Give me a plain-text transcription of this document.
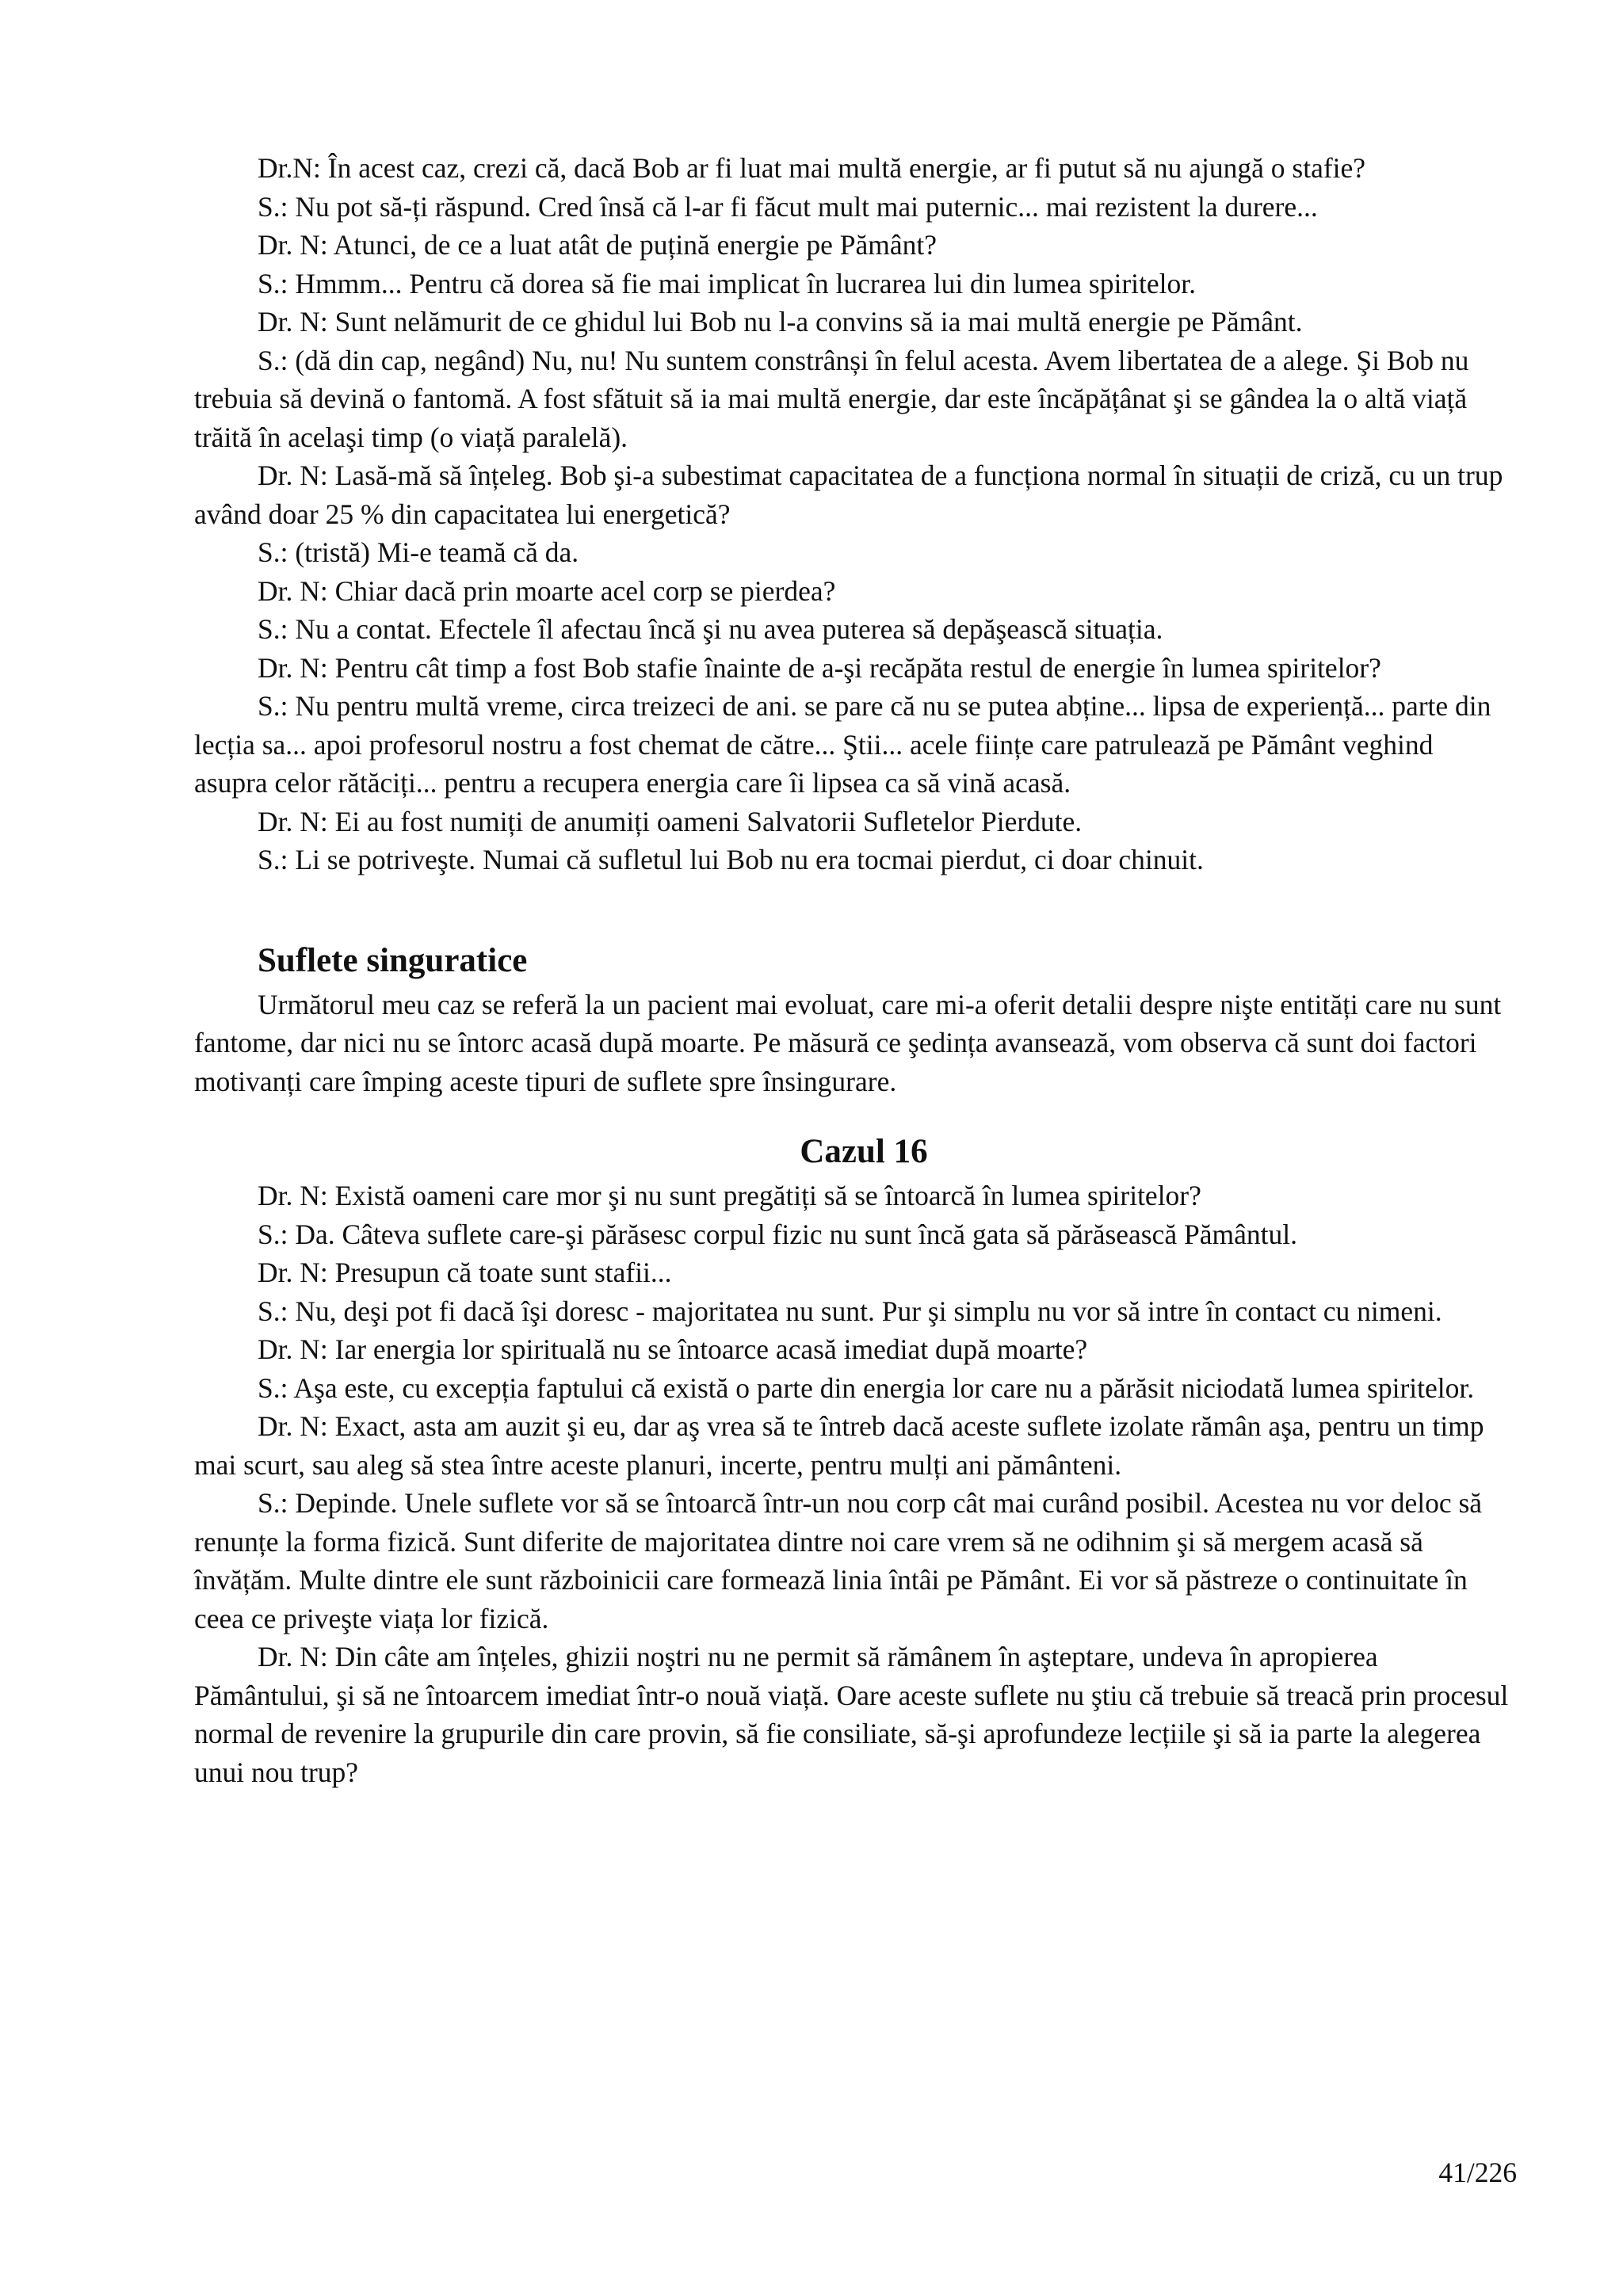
Dr.N: În acest caz, crezi că, dacă Bob ar fi luat mai multă energie, ar fi putut să nu ajungă o stafie?

S.: Nu pot să-ți răspund. Cred însă că l-ar fi făcut mult mai puternic... mai rezistent la durere...

Dr. N: Atunci, de ce a luat atât de puțină energie pe Pământ?

S.: Hmmm... Pentru că dorea să fie mai implicat în lucrarea lui din lumea spiritelor.

Dr. N: Sunt nelămurit de ce ghidul lui Bob nu l-a convins să ia mai multă energie pe Pământ.

S.: (dă din cap, negând) Nu, nu! Nu suntem constrânși în felul acesta. Avem libertatea de a alege. Şi Bob nu trebuia să devină o fantomă. A fost sfătuit să ia mai multă energie, dar este încăpățânat şi se gândea la o altă viață trăită în acelaşi timp (o viață paralelă).

Dr. N: Lasă-mă să înțeleg. Bob şi-a subestimat capacitatea de a funcționa normal în situații de criză, cu un trup având doar 25 % din capacitatea lui energetică?

S.: (tristă) Mi-e teamă că da.

Dr. N: Chiar dacă prin moarte acel corp se pierdea?

S.: Nu a contat. Efectele îl afectau încă şi nu avea puterea să depăşească situația.

Dr. N: Pentru cât timp a fost Bob stafie înainte de a-şi recăpăta restul de energie în lumea spiritelor?

S.: Nu pentru multă vreme, circa treizeci de ani. se pare că nu se putea abține... lipsa de experiență... parte din lecția sa... apoi profesorul nostru a fost chemat de către... Ştii... acele ființe care patrulează pe Pământ veghind asupra celor rătăciți... pentru a recupera energia care îi lipsea ca să vină acasă.

Dr. N: Ei au fost numiți de anumiți oameni Salvatorii Sufletelor Pierdute.

S.: Li se potriveşte. Numai că sufletul lui Bob nu era tocmai pierdut, ci doar chinuit.

Suflete singuratice

Următorul meu caz se referă la un pacient mai evoluat, care mi-a oferit detalii despre nişte entități care nu sunt fantome, dar nici nu se întorc acasă după moarte. Pe măsură ce şedința avansează, vom observa că sunt doi factori motivanți care împing aceste tipuri de suflete spre însingurare.

Cazul 16

Dr. N: Există oameni care mor şi nu sunt pregătiți să se întoarcă în lumea spiritelor?

S.: Da. Câteva suflete care-şi părăsesc corpul fizic nu sunt încă gata să părăsească Pământul.

Dr. N: Presupun că toate sunt stafii...

S.: Nu, deşi pot fi dacă îşi doresc - majoritatea nu sunt. Pur şi simplu nu vor să intre în contact cu nimeni.

Dr. N: Iar energia lor spirituală nu se întoarce acasă imediat după moarte?

S.: Aşa este, cu excepția faptului că există o parte din energia lor care nu a părăsit niciodată lumea spiritelor.

Dr. N: Exact, asta am auzit şi eu, dar aş vrea să te întreb dacă aceste suflete izolate rămân aşa, pentru un timp mai scurt, sau aleg să stea între aceste planuri, incerte, pentru mulți ani pământeni.

S.: Depinde. Unele suflete vor să se întoarcă într-un nou corp cât mai curând posibil. Acestea nu vor deloc să renunțe la forma fizică. Sunt diferite de majoritatea dintre noi care vrem să ne odihnim şi să mergem acasă să învățăm. Multe dintre ele sunt războinicii care formează linia întâi pe Pământ. Ei vor să păstreze o continuitate în ceea ce priveşte viața lor fizică.

Dr. N: Din câte am înțeles, ghizii noştri nu ne permit să rămânem în aşteptare, undeva în apropierea Pământului, şi să ne întoarcem imediat într-o nouă viață. Oare aceste suflete nu ştiu că trebuie să treacă prin procesul normal de revenire la grupurile din care provin, să fie consiliate, să-şi aprofundeze lecțiile şi să ia parte la alegerea unui nou trup?

41/226
